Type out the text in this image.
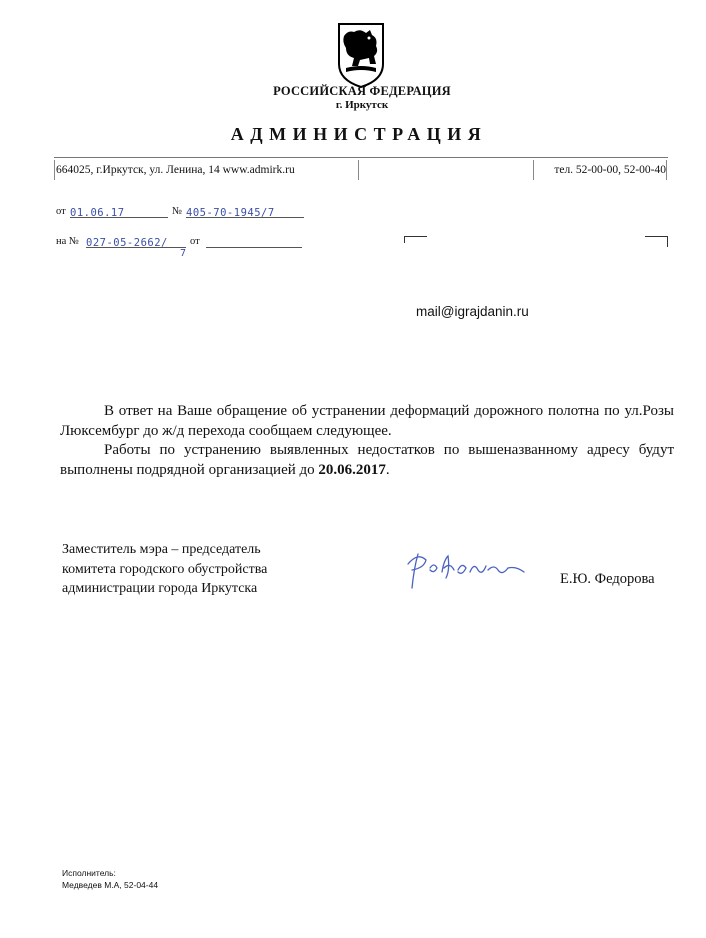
РОССИЙСКАЯ ФЕДЕРАЦИЯ
г. Иркутск
АДМИНИСТРАЦИЯ
664025, г.Иркутск, ул. Ленина, 14 www.admirk.ru	тел. 52-00-00, 52-00-40
от 01.06.17	№ 405-70-1945/7
на № 027-05-2662/
7
от
mail@igrajdanin.ru
В ответ на Ваше обращение об устранении деформаций дорожного полотна по ул.Розы Люксембург до ж/д перехода сообщаем следующее.
Работы по устранению выявленных недостатков по вышеназванному адресу будут выполнены подрядной организацией до 20.06.2017.
Заместитель мэра – председатель
комитета городского обустройства
администрации города Иркутска
Е.Ю. Федорова
Исполнитель:
Медведев М.А, 52-04-44
